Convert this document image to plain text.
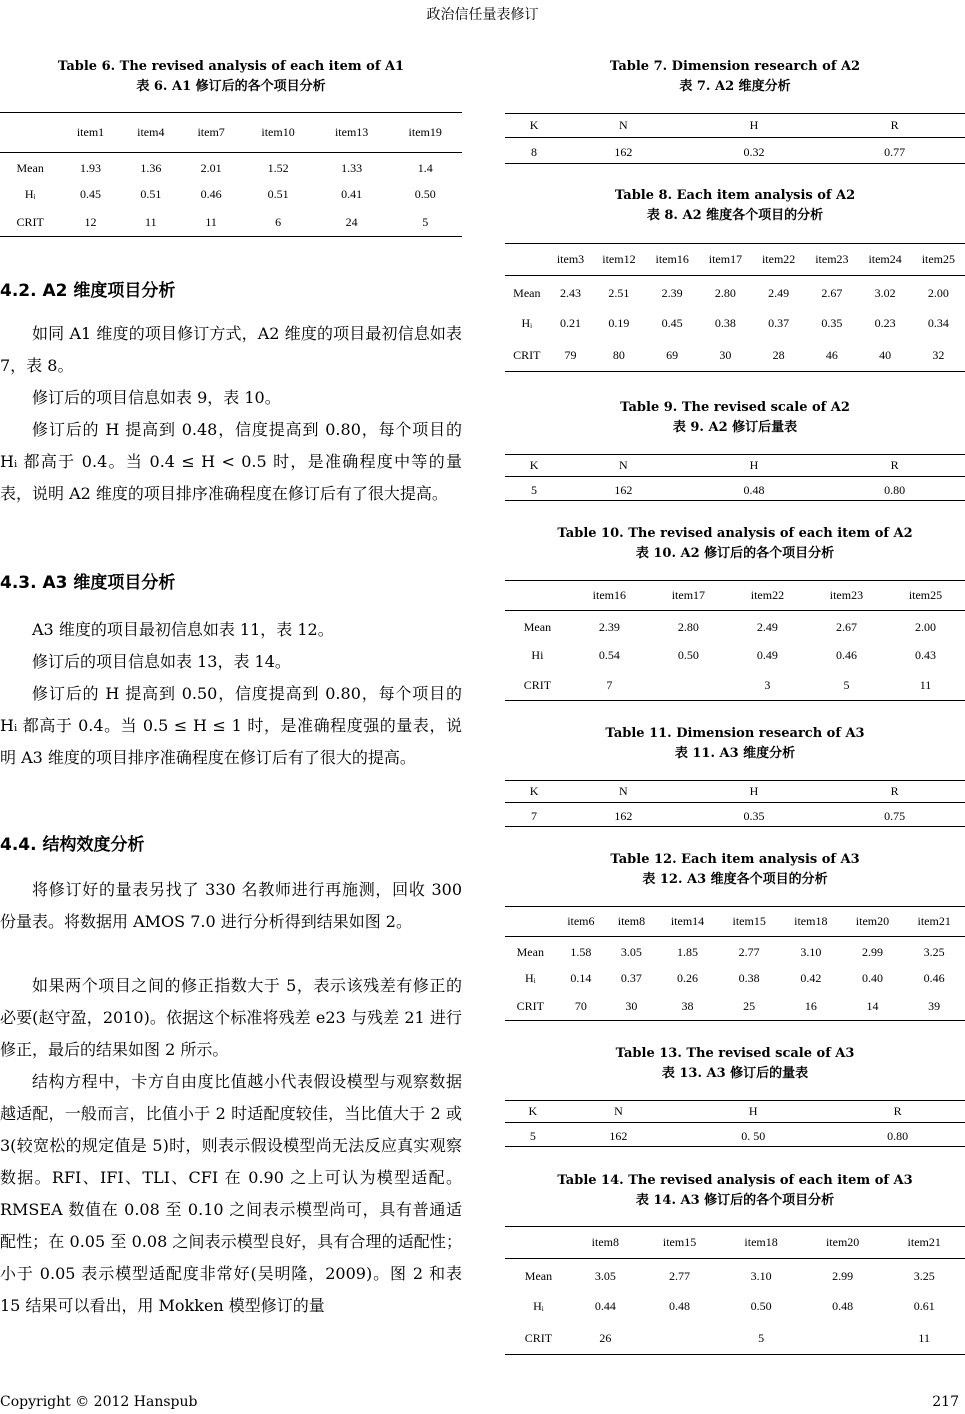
政治信任量表修订
Table 6. The revised analysis of each item of A1
表 6. A1 修订后的各个项目分析
	item1	item4	item7	item10	item13	item19
Mean	1.93	1.36	2.01	1.52	1.33	1.4
Hᵢ	0.45	0.51	0.46	0.51	0.41	0.50
CRIT	12	11	11	6	24	5
4.2. A2 维度项目分析
如同 A1 维度的项目修订方式，A2 维度的项目最初信息如表 7，表 8。
修订后的项目信息如表 9，表 10。
修订后的 H 提高到 0.48，信度提高到 0.80，每个项目的 Hᵢ 都高于 0.4。当 0.4 ≤ H < 0.5 时，是准确程度中等的量表，说明 A2 维度的项目排序准确程度在修订后有了很大提高。
4.3. A3 维度项目分析
A3 维度的项目最初信息如表 11，表 12。
修订后的项目信息如表 13，表 14。
修订后的 H 提高到 0.50，信度提高到 0.80，每个项目的 Hᵢ 都高于 0.4。当 0.5 ≤ H ≤ 1 时，是准确程度强的量表，说明 A3 维度的项目排序准确程度在修订后有了很大的提高。
4.4. 结构效度分析
将修订好的量表另找了 330 名教师进行再施测，回收 300 份量表。将数据用 AMOS 7.0 进行分析得到结果如图 2。
如果两个项目之间的修正指数大于 5，表示该残差有修正的必要(赵守盈，2010)。依据这个标准将残差 e23 与残差 21 进行修正，最后的结果如图 2 所示。
结构方程中，卡方自由度比值越小代表假设模型与观察数据越适配，一般而言，比值小于 2 时适配度较佳，当比值大于 2 或 3(较宽松的规定值是 5)时，则表示假设模型尚无法反应真实观察数据。RFI、IFI、TLI、CFI 在 0.90 之上可认为模型适配。RMSEA 数值在 0.08 至 0.10 之间表示模型尚可，具有普通适配性；在 0.05 至 0.08 之间表示模型良好，具有合理的适配性；小于 0.05 表示模型适配度非常好(吴明隆，2009)。图 2 和表 15 结果可以看出，用 Mokken 模型修订的量
Table 7. Dimension research of A2
表 7. A2 维度分析
K	N	H	R
8	162	0.32	0.77
Table 8. Each item analysis of A2
表 8. A2 维度各个项目的分析
	item3	item12	item16	item17	item22	item23	item24	item25
Mean	2.43	2.51	2.39	2.80	2.49	2.67	3.02	2.00
Hᵢ	0.21	0.19	0.45	0.38	0.37	0.35	0.23	0.34
CRIT	79	80	69	30	28	46	40	32
Table 9. The revised scale of A2
表 9. A2 修订后量表
K	N	H	R
5	162	0.48	0.80
Table 10. The revised analysis of each item of A2
表 10. A2 修订后的各个项目分析
	item16	item17	item22	item23	item25
Mean	2.39	2.80	2.49	2.67	2.00
Hi	0.54	0.50	0.49	0.46	0.43
CRIT	7		3	5	11
Table 11. Dimension research of A3
表 11. A3 维度分析
K	N	H	R
7	162	0.35	0.75
Table 12. Each item analysis of A3
表 12. A3 维度各个项目的分析
	item6	item8	item14	item15	item18	item20	item21
Mean	1.58	3.05	1.85	2.77	3.10	2.99	3.25
Hᵢ	0.14	0.37	0.26	0.38	0.42	0.40	0.46
CRIT	70	30	38	25	16	14	39
Table 13. The revised scale of A3
表 13. A3 修订后的量表
K	N	H	R
5	162	0. 50	0.80
Table 14. The revised analysis of each item of A3
表 14. A3 修订后的各个项目分析
	item8	item15	item18	item20	item21
Mean	3.05	2.77	3.10	2.99	3.25
Hᵢ	0.44	0.48	0.50	0.48	0.61
CRIT	26		5		11
Copyright © 2012 Hanspub	217
